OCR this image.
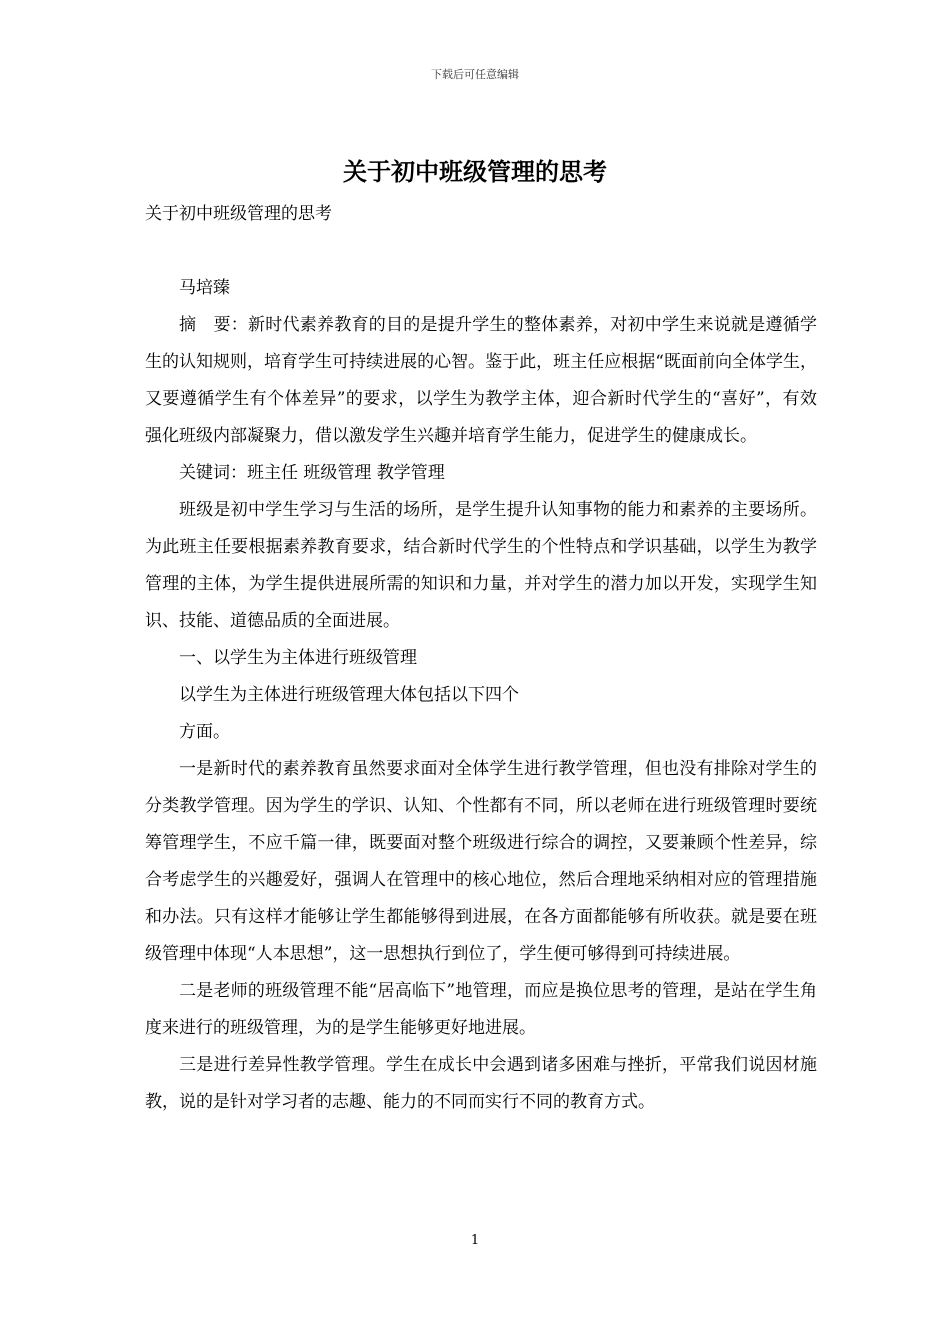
下载后可任意编辑
关于初中班级管理的思考

关于初中班级管理的思考

马培臻

摘　要：新时代素养教育的目的是提升学生的整体素养，对初中学生来说就是遵循学生的认知规则，培育学生可持续进展的心智。鉴于此，班主任应根据“既面前向全体学生，又要遵循学生有个体差异”的要求，以学生为教学主体，迎合新时代学生的“喜好”，有效强化班级内部凝聚力，借以激发学生兴趣并培育学生能力，促进学生的健康成长。

关键词：班主任 班级管理 教学管理

班级是初中学生学习与生活的场所，是学生提升认知事物的能力和素养的主要场所。为此班主任要根据素养教育要求，结合新时代学生的个性特点和学识基础，以学生为教学管理的主体，为学生提供进展所需的知识和力量，并对学生的潜力加以开发，实现学生知识、技能、道德品质的全面进展。

一、以学生为主体进行班级管理

以学生为主体进行班级管理大体包括以下四个

方面。

一是新时代的素养教育虽然要求面对全体学生进行教学管理，但也没有排除对学生的分类教学管理。因为学生的学识、认知、个性都有不同，所以老师在进行班级管理时要统筹管理学生，不应千篇一律，既要面对整个班级进行综合的调控，又要兼顾个性差异，综合考虑学生的兴趣爱好，强调人在管理中的核心地位，然后合理地采纳相对应的管理措施和办法。只有这样才能够让学生都能够得到进展，在各方面都能够有所收获。就是要在班级管理中体现“人本思想”，这一思想执行到位了，学生便可够得到可持续进展。

二是老师的班级管理不能“居高临下”地管理，而应是换位思考的管理，是站在学生角度来进行的班级管理，为的是学生能够更好地进展。

三是进行差异性教学管理。学生在成长中会遇到诸多困难与挫折，平常我们说因材施教，说的是针对学习者的志趣、能力的不同而实行不同的教育方式。

1
